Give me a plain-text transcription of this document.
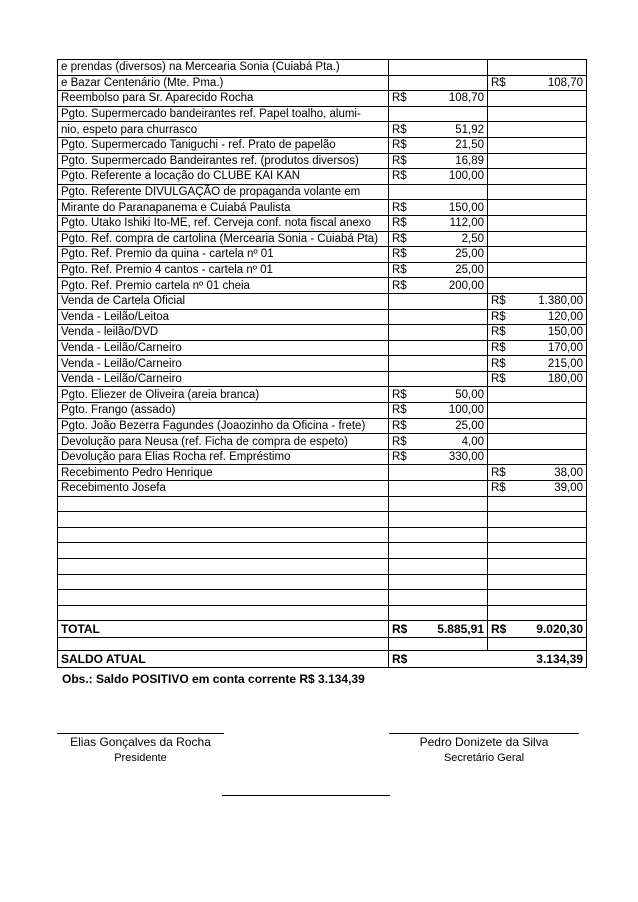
e prendas (diversos) na Mercearia Sonia (Cuiabá Pta.)				
e Bazar Centenário (Mte. Pma.)			R$	108,70
Reembolso para Sr. Aparecido Rocha	R$	108,70		
Pgto. Supermercado bandeirantes ref. Papel toalho, alumi-				
nio, espeto para churrasco	R$	51,92		
Pgto. Supermercado Taniguchi - ref. Prato de papelão	R$	21,50		
Pgto. Supermercado Bandeirantes ref. (produtos diversos)	R$	16,89		
Pgto. Referente a locação do CLUBE KAI KAN	R$	100,00		
Pgto. Referente DIVULGAÇÃO de propaganda volante em				
Mirante do Paranapanema e Cuiabá Paulista	R$	150,00		
Pgto. Utako Ishiki Ito-ME, ref. Cerveja conf. nota fiscal anexo	R$	112,00		
Pgto. Ref. compra de cartolina (Mercearia Sonia - Cuiabá Pta)	R$	2,50		
Pgto. Ref. Premio da quina - cartela nº 01	R$	25,00		
Pgto. Ref. Premio 4 cantos - cartela nº 01	R$	25,00		
Pgto. Ref. Premio cartela nº 01 cheia	R$	200,00		
Venda de Cartela Oficial			R$	1.380,00
Venda - Leilão/Leitoa			R$	120,00
Venda - leilão/DVD			R$	150,00
Venda - Leilão/Carneiro			R$	170,00
Venda - Leilão/Carneiro			R$	215,00
Venda - Leilão/Carneiro			R$	180,00
Pgto. Eliezer de Oliveira (areia branca)	R$	50,00		
Pgto. Frango (assado)	R$	100,00		
Pgto. João Bezerra Fagundes (Joaozinho da Oficina - frete)	R$	25,00		
Devolução para Neusa (ref. Ficha de compra de espeto)	R$	4,00		
Devolução para Elias Rocha ref. Empréstimo	R$	330,00		
Recebimento Pedro Henrique			R$	38,00
Recebimento Josefa			R$	39,00

TOTAL	R$	5.885,91	R$	9.020,30

SALDO ATUAL	R$			3.134,39
Obs.: Saldo POSITIVO em conta corrente R$ 3.134,39
Elias Gonçalves da Rocha
Presidente
Pedro Donizete da Silva
Secretário Geral
